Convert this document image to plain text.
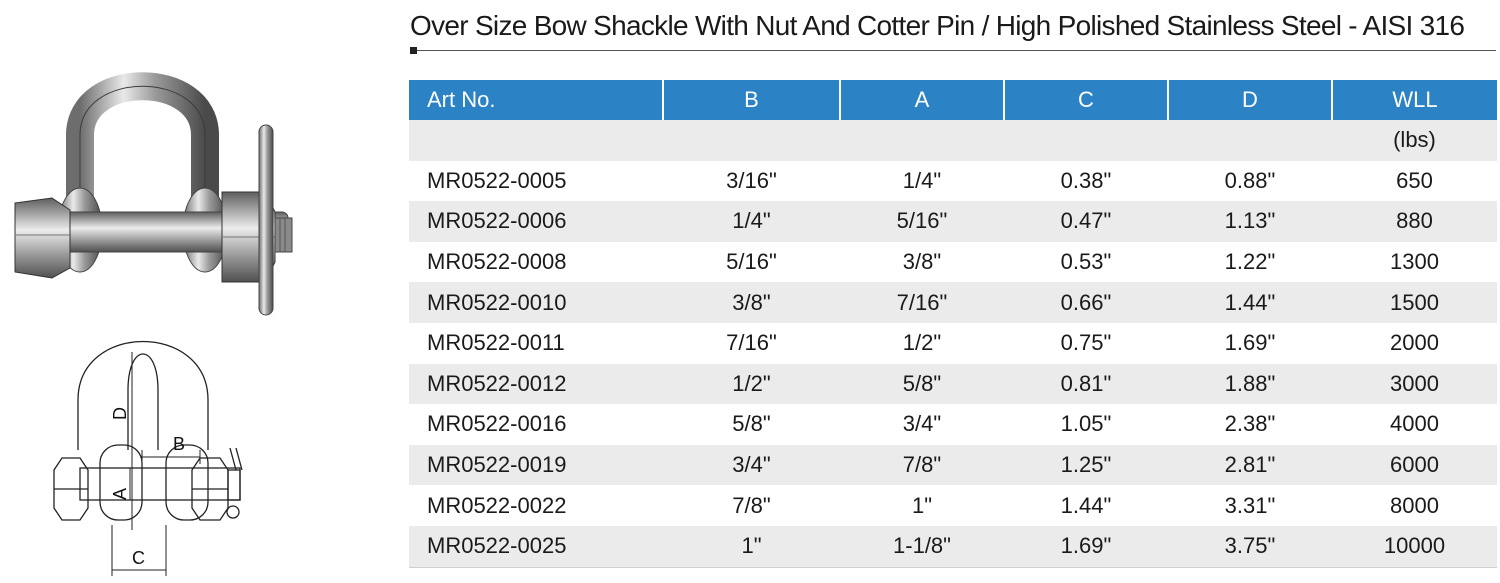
D
A
B
C
Over Size Bow Shackle With Nut And Cotter Pin / High Polished Stainless Steel - AISI 316
Art No.	B	A	C	D	WLL
					(lbs)
MR0522-0005	3/16"	1/4"	0.38"	0.88"	650
MR0522-0006	1/4"	5/16"	0.47"	1.13"	880
MR0522-0008	5/16"	3/8"	0.53"	1.22"	1300
MR0522-0010	3/8"	7/16"	0.66"	1.44"	1500
MR0522-0011	7/16"	1/2"	0.75"	1.69"	2000
MR0522-0012	1/2"	5/8"	0.81"	1.88"	3000
MR0522-0016	5/8"	3/4"	1.05"	2.38"	4000
MR0522-0019	3/4"	7/8"	1.25"	2.81"	6000
MR0522-0022	7/8"	1"	1.44"	3.31"	8000
MR0522-0025	1"	1-1/8"	1.69"	3.75"	10000
